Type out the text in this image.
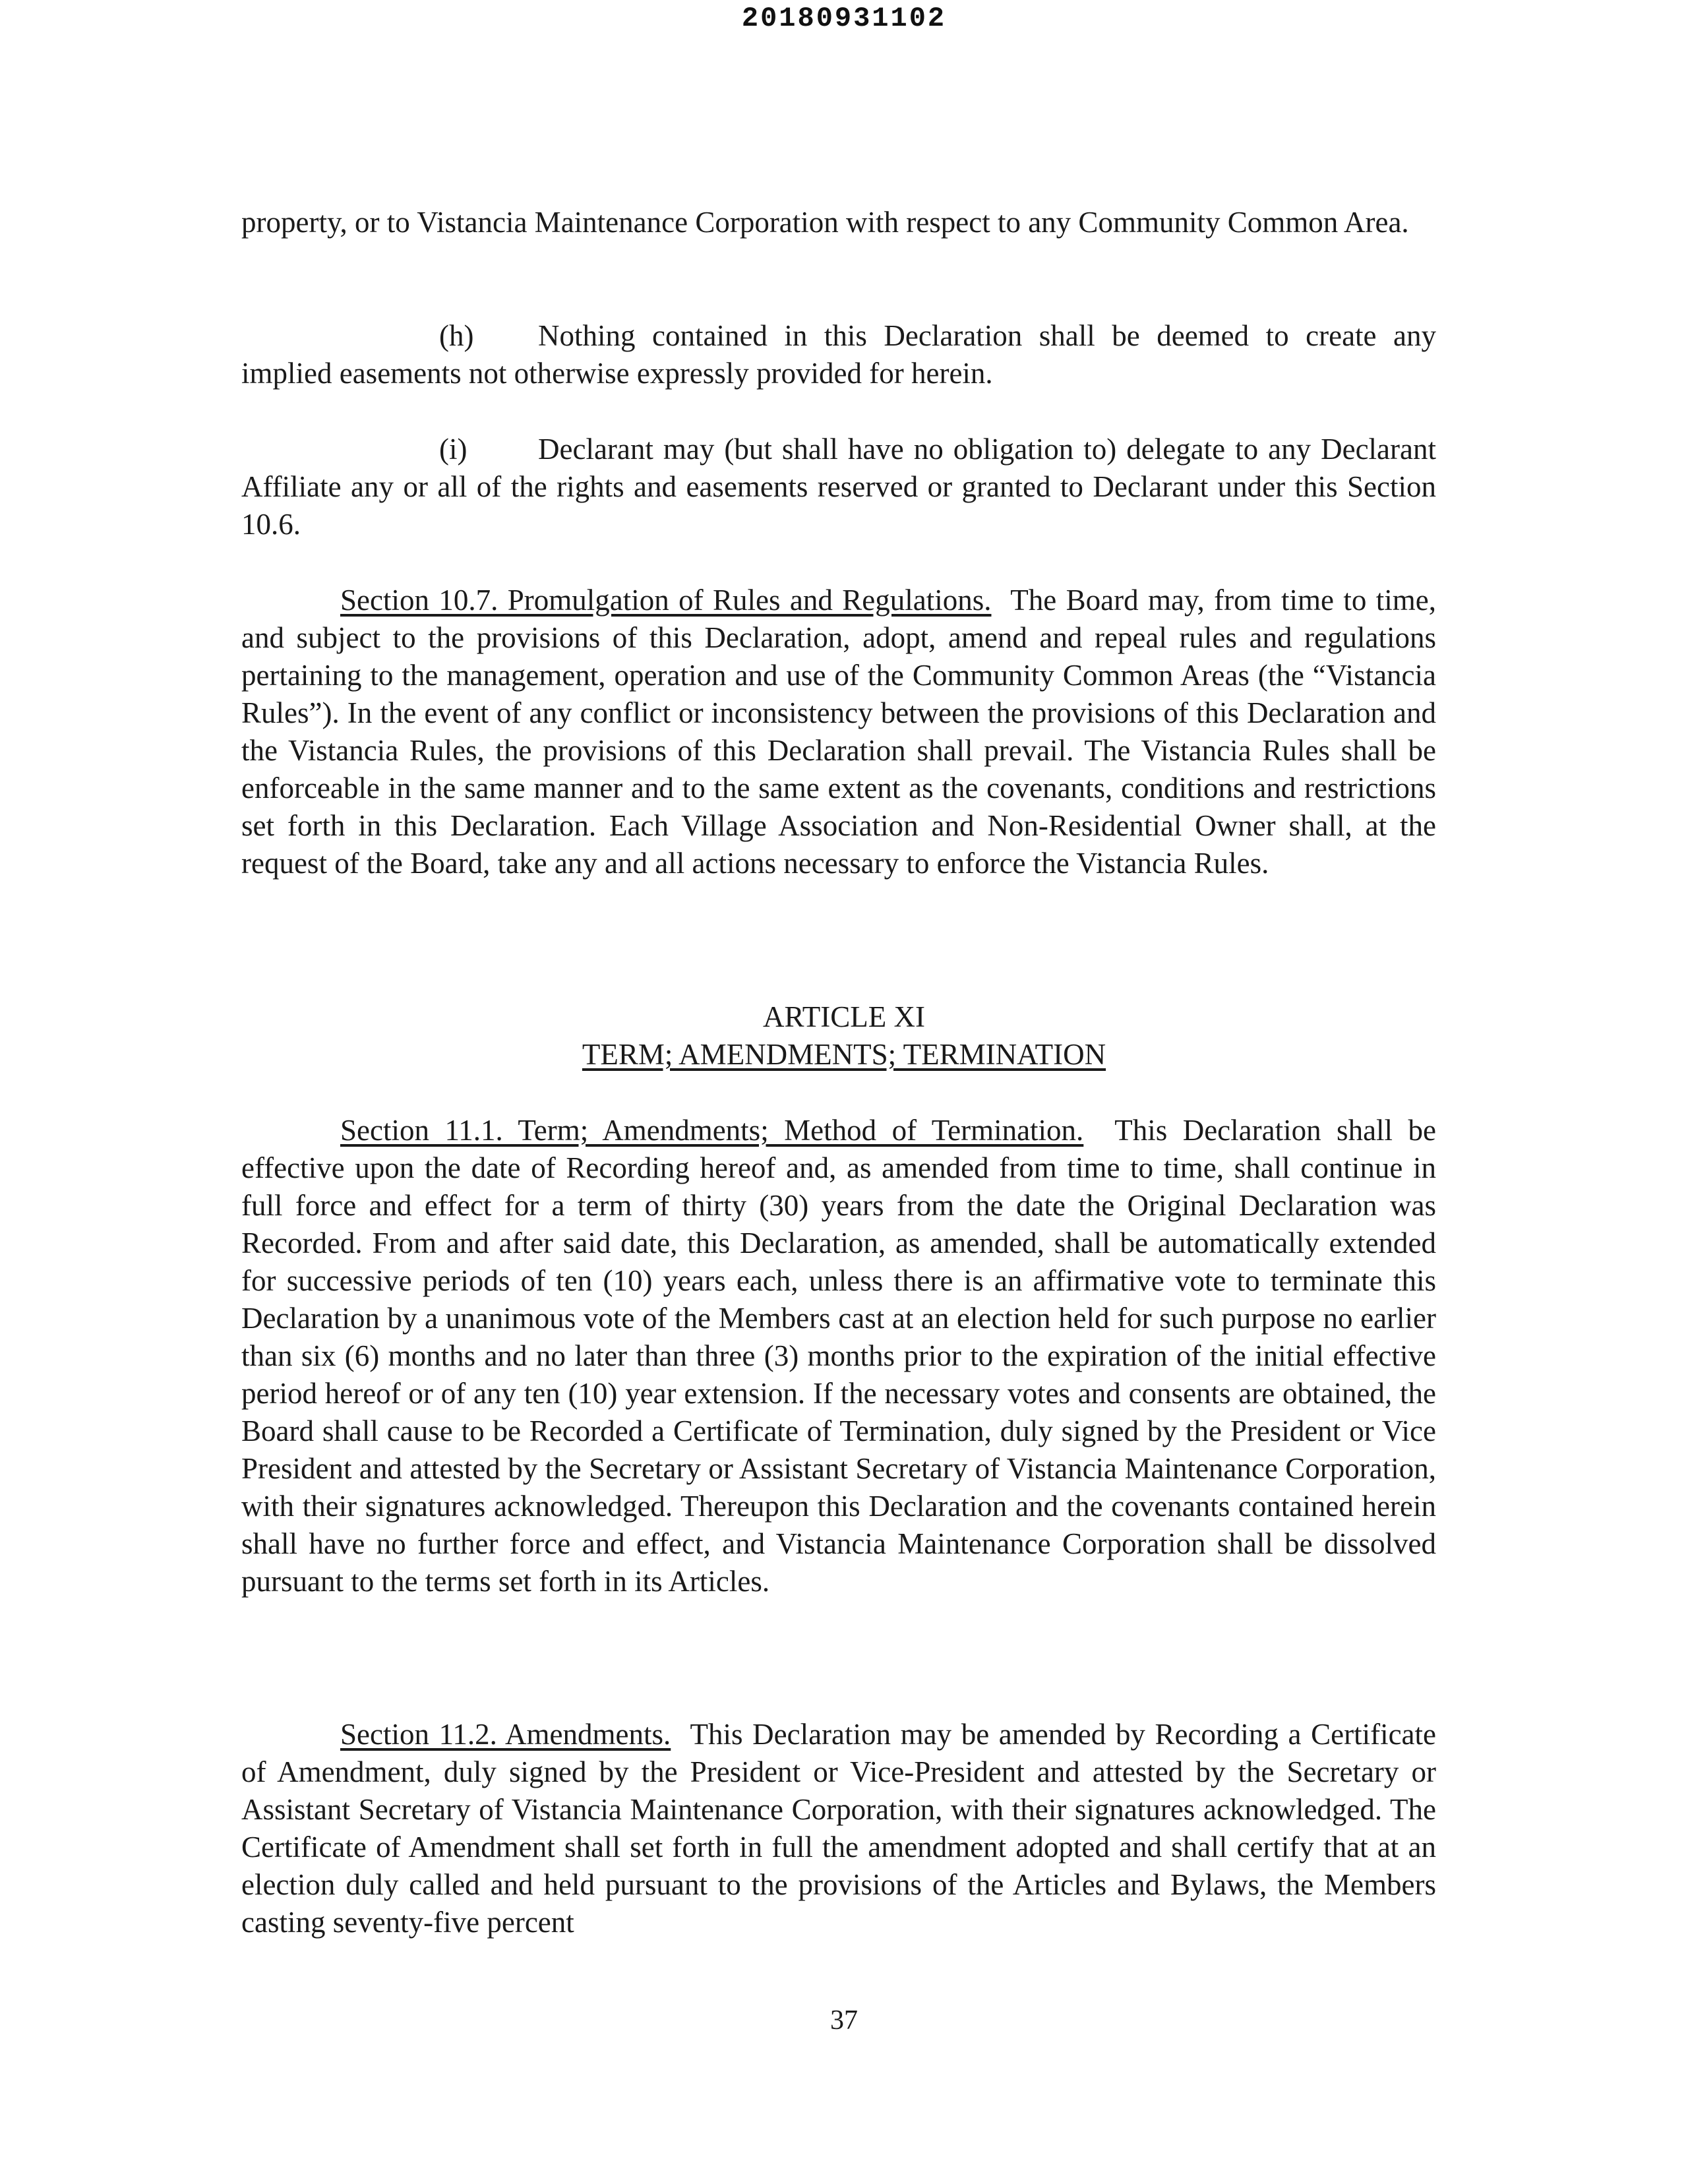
20180931102

property, or to Vistancia Maintenance Corporation with respect to any Community Common Area.

(h) Nothing contained in this Declaration shall be deemed to create any implied easements not otherwise expressly provided for herein.

(i) Declarant may (but shall have no obligation to) delegate to any Declarant Affiliate any or all of the rights and easements reserved or granted to Declarant under this Section 10.6.

Section 10.7. Promulgation of Rules and Regulations. The Board may, from time to time, and subject to the provisions of this Declaration, adopt, amend and repeal rules and regulations pertaining to the management, operation and use of the Community Common Areas (the “Vistancia Rules”). In the event of any conflict or inconsistency between the provisions of this Declaration and the Vistancia Rules, the provisions of this Declaration shall prevail. The Vistancia Rules shall be enforceable in the same manner and to the same extent as the covenants, conditions and restrictions set forth in this Declaration. Each Village Association and Non-Residential Owner shall, at the request of the Board, take any and all actions necessary to enforce the Vistancia Rules.

ARTICLE XI
TERM; AMENDMENTS; TERMINATION

Section 11.1. Term; Amendments; Method of Termination. This Declaration shall be effective upon the date of Recording hereof and, as amended from time to time, shall continue in full force and effect for a term of thirty (30) years from the date the Original Declaration was Recorded. From and after said date, this Declaration, as amended, shall be automatically extended for successive periods of ten (10) years each, unless there is an affirmative vote to terminate this Declaration by a unanimous vote of the Members cast at an election held for such purpose no earlier than six (6) months and no later than three (3) months prior to the expiration of the initial effective period hereof or of any ten (10) year extension. If the necessary votes and consents are obtained, the Board shall cause to be Recorded a Certificate of Termination, duly signed by the President or Vice President and attested by the Secretary or Assistant Secretary of Vistancia Maintenance Corporation, with their signatures acknowledged. Thereupon this Declaration and the covenants contained herein shall have no further force and effect, and Vistancia Maintenance Corporation shall be dissolved pursuant to the terms set forth in its Articles.

Section 11.2. Amendments. This Declaration may be amended by Recording a Certificate of Amendment, duly signed by the President or Vice-President and attested by the Secretary or Assistant Secretary of Vistancia Maintenance Corporation, with their signatures acknowledged. The Certificate of Amendment shall set forth in full the amendment adopted and shall certify that at an election duly called and held pursuant to the provisions of the Articles and Bylaws, the Members casting seventy-five percent

37
